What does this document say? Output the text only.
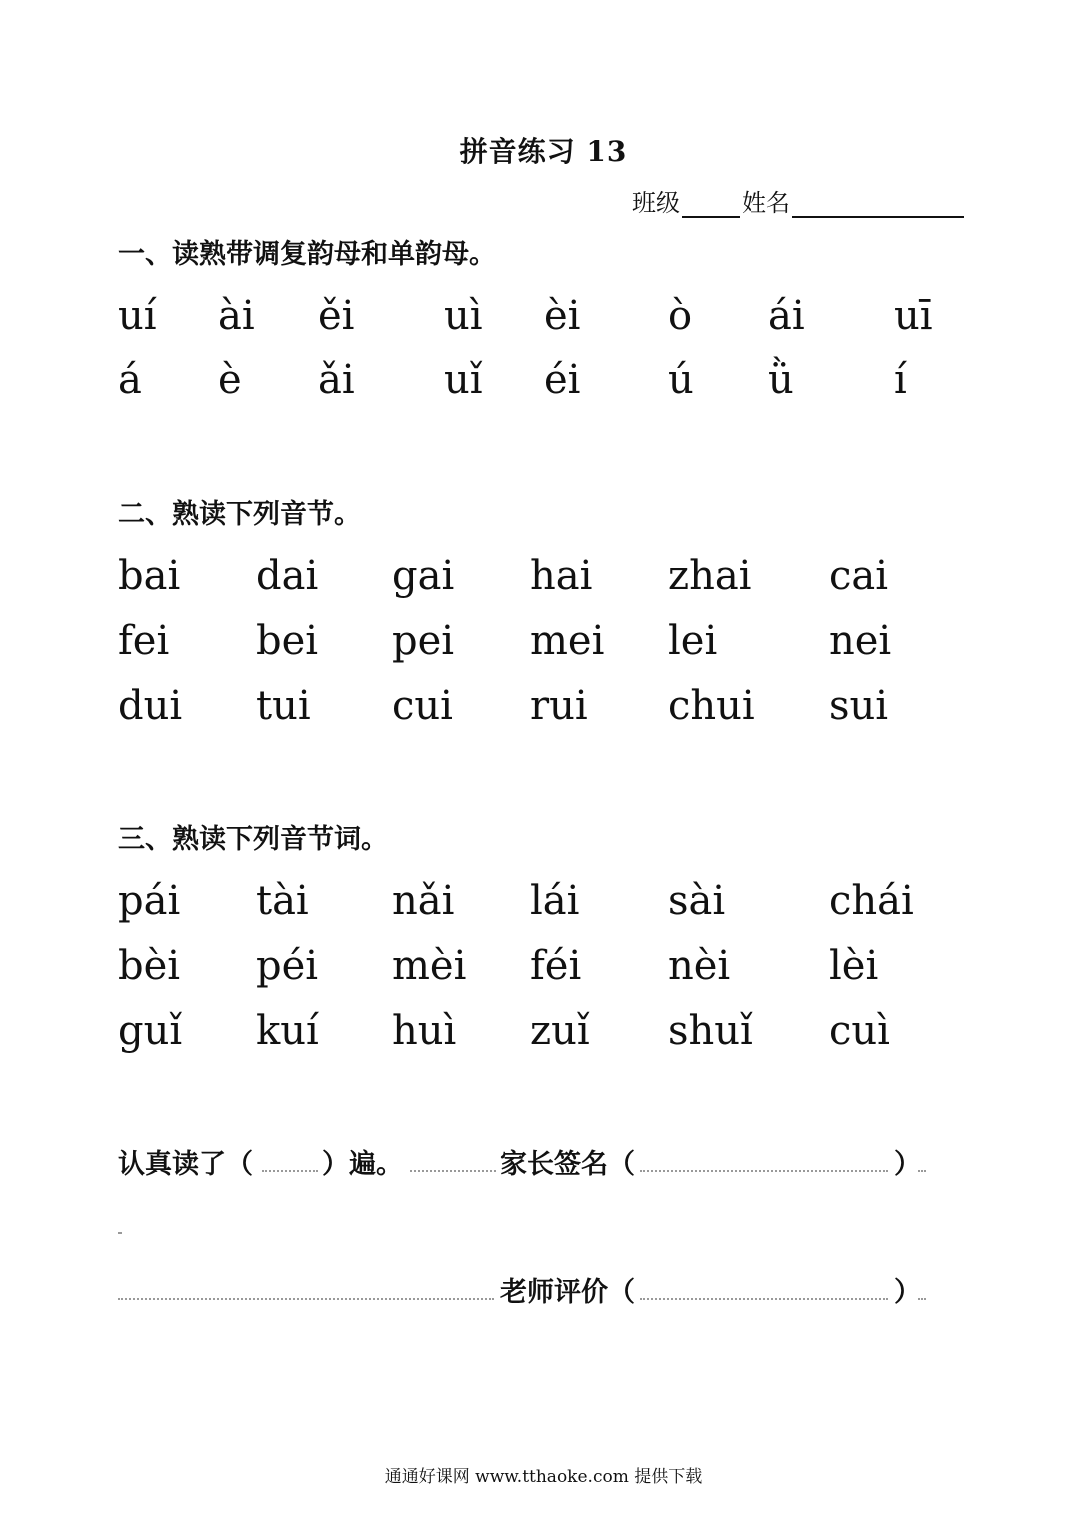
拼音练习 13
班级	姓名
一、读熟带调复韵母和单韵母。
uí ài ěi uì èi ò ái uī
á è ǎi uǐ éi ú ǜ	í
二、熟读下列音节。
bai dai gai hai zhai cai
fei bei pei mei lei	nei
dui tui cui rui chui sui
三、熟读下列音节词。
pái tài nǎi lái sài	chái
bèi péi mèi féi nèi lèi
guǐ kuí huì zuǐ shuǐ cuì
认真读了（	）遍。	家长签名（	）
老师评价（	）
通通好课网 www.tthaoke.com 提供下载
